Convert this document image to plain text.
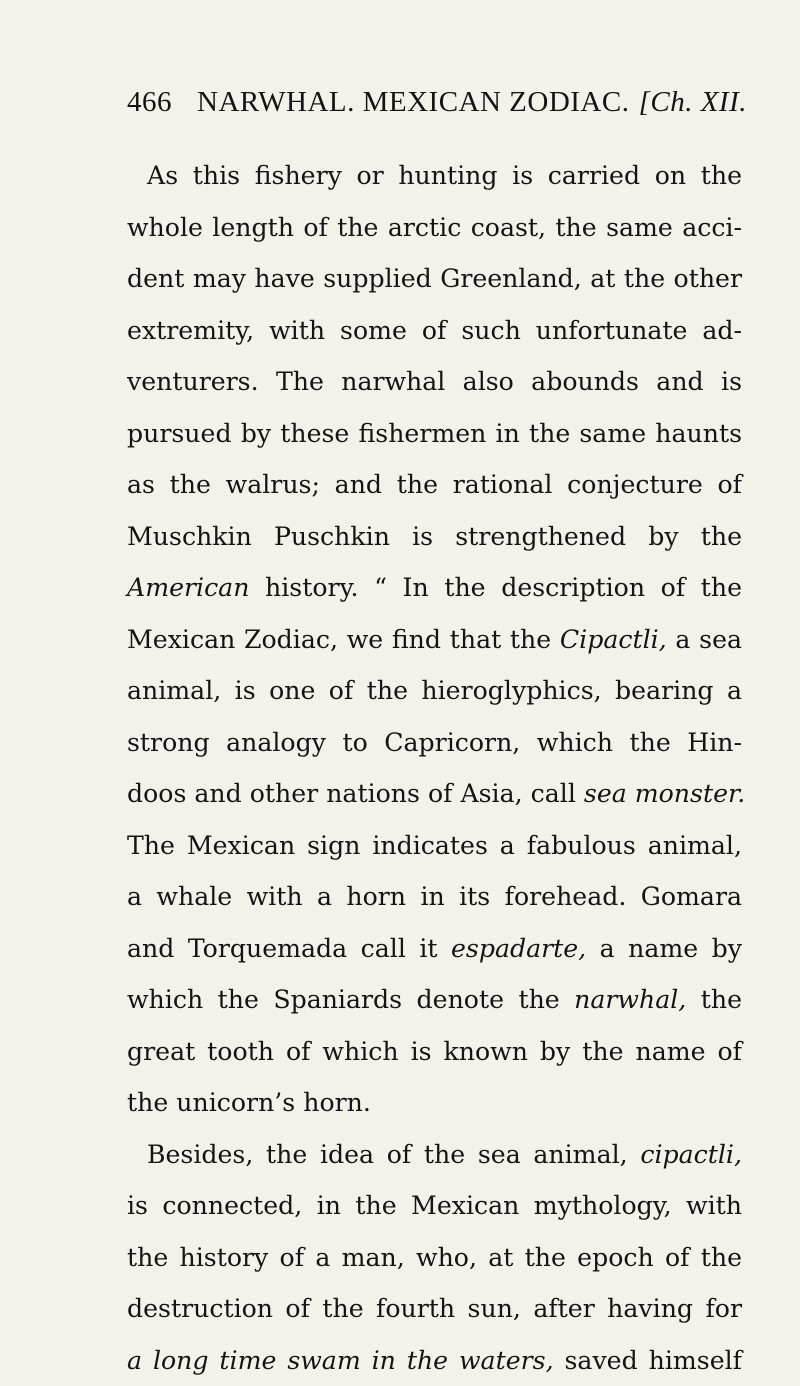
466 NARWHAL. MEXICAN ZODIAC. [Ch. XII.
As this fishery or hunting is carried on the
whole length of the arctic coast, the same acci-
dent may have supplied Greenland, at the other
extremity, with some of such unfortunate ad-
venturers. The narwhal also abounds and is
pursued by these fishermen in the same haunts
as the walrus; and the rational conjecture of
Muschkin Puschkin is strengthened by the
American history. “ In the description of the
Mexican Zodiac, we find that the Cipactli, a sea
animal, is one of the hieroglyphics, bearing a
strong analogy to Capricorn, which the Hin-
doos and other nations of Asia, call sea monster.
The Mexican sign indicates a fabulous animal,
a whale with a horn in its forehead. Gomara
and Torquemada call it espadarte, a name by
which the Spaniards denote the narwhal, the
great tooth of which is known by the name of
the unicorn’s horn.
Besides, the idea of the sea animal, cipactli,
is connected, in the Mexican mythology, with
the history of a man, who, at the epoch of the
destruction of the fourth sun, after having for
a long time swam in the waters, saved himself
